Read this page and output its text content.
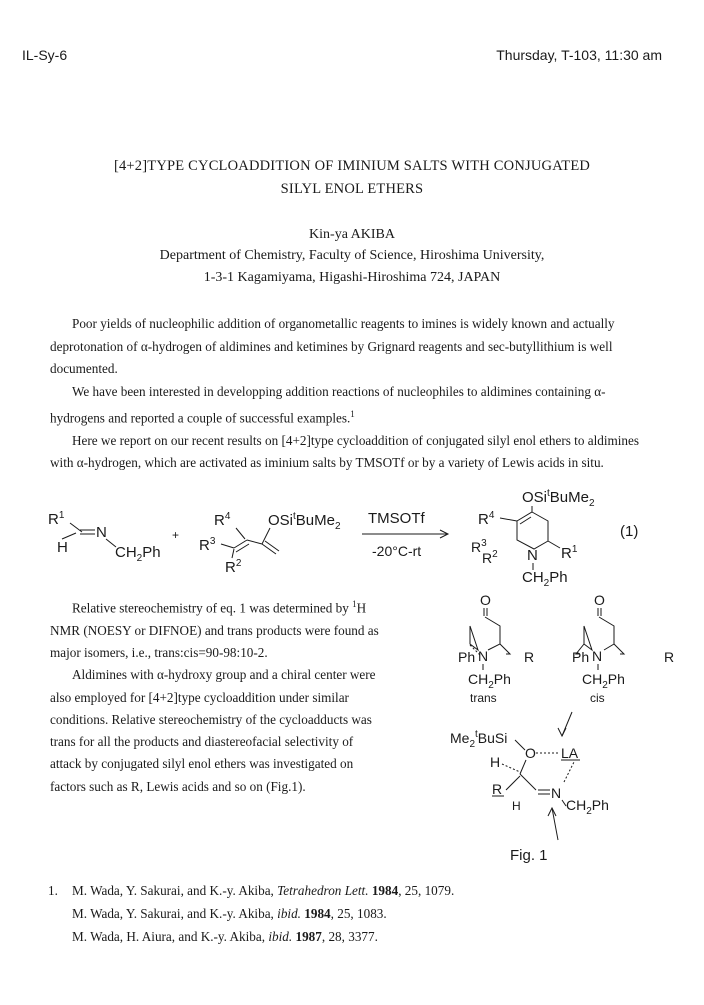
IL-Sy-6	Thursday, T-103, 11:30 am
[4+2]TYPE CYCLOADDITION OF IMINIUM SALTS WITH CONJUGATED
SILYL ENOL ETHERS
Kin-ya AKIBA
Department of Chemistry, Faculty of Science, Hiroshima University,
1-3-1 Kagamiyama, Higashi-Hiroshima 724, JAPAN

Poor yields of nucleophilic addition of organometallic reagents to imines is widely known and actually deprotonation of α-hydrogen of aldimines and ketimines by Grignard reagents and sec-butyllithium is well documented.

We have been interested in developping addition reactions of nucleophiles to aldimines containing α-hydrogens and reported a couple of successful examples.$^1$

Here we report on our recent results on [4+2]type cycloaddition of conjugated silyl enol ethers to aldimines with α-hydrogen, which are activated as iminium salts by TMSOTf or by a variety of Lewis acids in situ.

$R^1$
H
N
$CH_2Ph$
+
$R^4$
$R^3$
$R^2$
OSi$^t$BuMe$_2$ TMSOTf
-20°C-rt
OSi$^t$BuMe$_2$
$R^4$
$R^3$
$R^2$ N $R^1$
$CH_2Ph$
(1)

Relative stereochemistry of eq. 1 was determined by $^1$H NMR (NOESY or DIFNOE) and trans products were found as major isomers, i.e., trans:cis=90-98:10-2.

Aldimines with α-hydroxy group and a chiral center were also employed for [4+2]type cycloaddition under similar conditions. Relative stereochemistry of the cycloadducts was trans for all the products and diastereofacial selectivity of attack by conjugated silyl enol ethers was investigated on factors such as R, Lewis acids and so on (Fig.1).

O
N
Ph	R
$CH_2Ph$
trans
O
N
Ph	R
$CH_2Ph$
cis
$Me_2^tBuSi$
O LA
H
R
H
N
$CH_2Ph$
Fig. 1
1. M. Wada, Y. Sakurai, and K.-y. Akiba, Tetrahedron Lett. 1984, 25, 1079.
M. Wada, Y. Sakurai, and K.-y. Akiba, ibid. 1984, 25, 1083.
M. Wada, H. Aiura, and K.-y. Akiba, ibid. 1987, 28, 3377.
